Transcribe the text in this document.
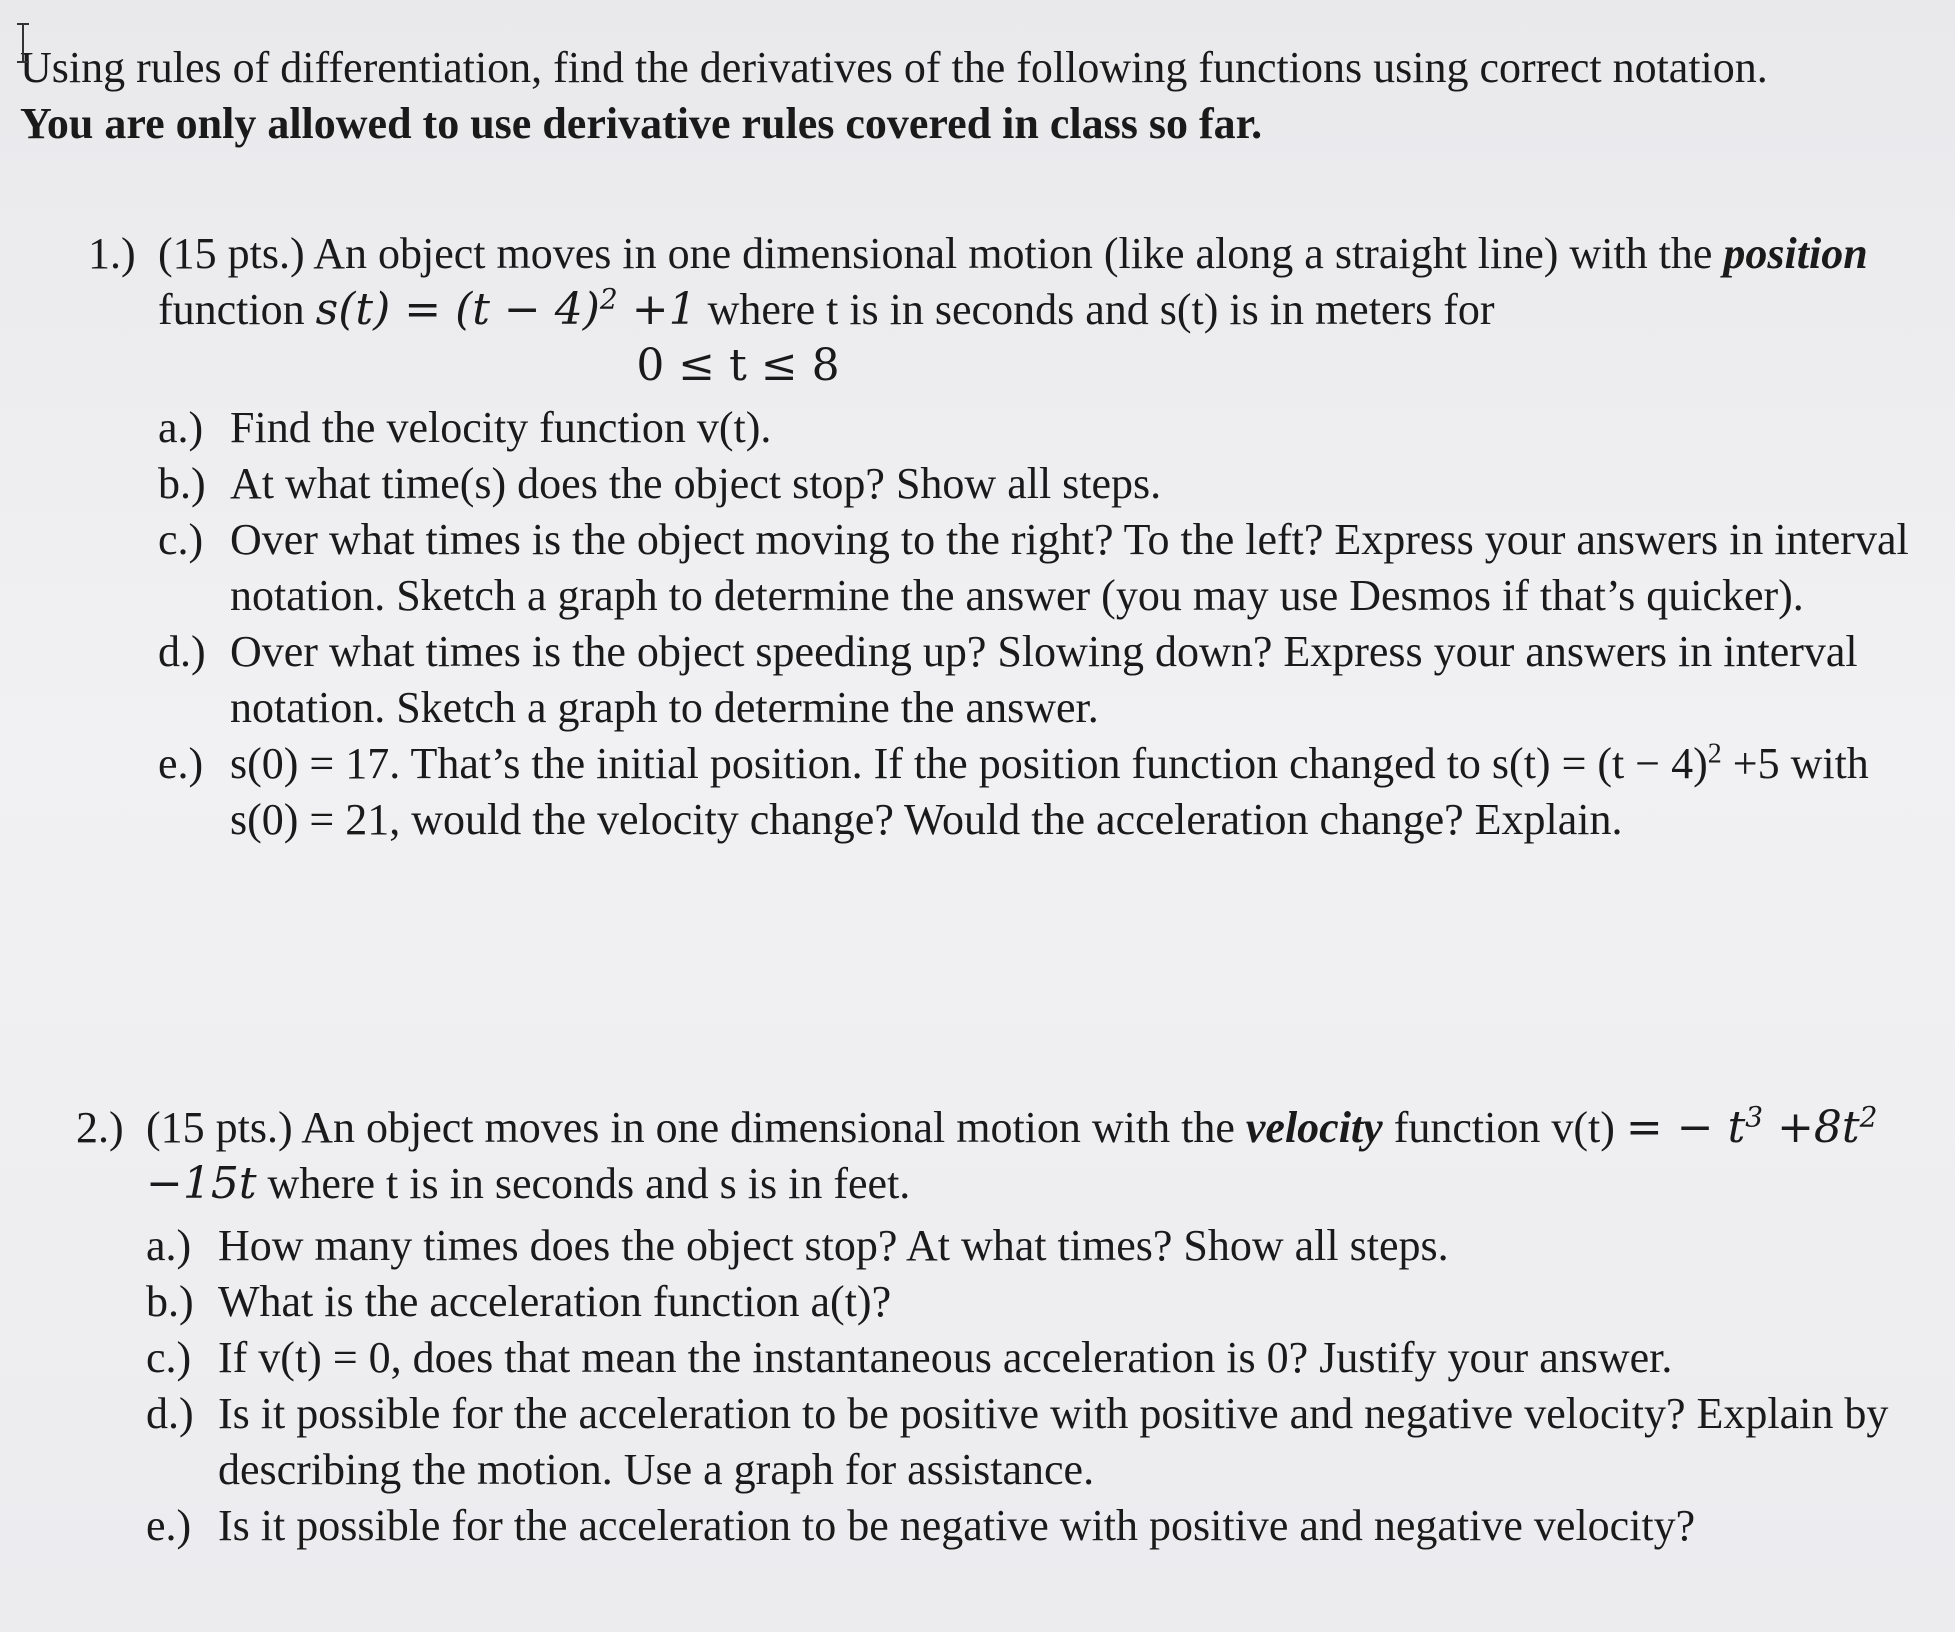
Using rules of differentiation, find the derivatives of the following functions using correct notation. You are only allowed to use derivative rules covered in class so far.

1.) (15 pts.) An object moves in one dimensional motion (like along a straight line) with the position function $s(t) = (t - 4)^2 +1$ where t is in seconds and s(t) is in meters for
0 ≤ t ≤ 8
a.) Find the velocity function v(t).
b.) At what time(s) does the object stop? Show all steps.
c.) Over what times is the object moving to the right? To the left? Express your answers in interval notation. Sketch a graph to determine the answer (you may use Desmos if that’s quicker).
d.) Over what times is the object speeding up? Slowing down? Express your answers in interval notation. Sketch a graph to determine the answer.
e.) s(0) = 17. That’s the initial position. If the position function changed to $s(t) = (t - 4)^2 +5$ with s(0) = 21, would the velocity change? Would the acceleration change? Explain.
2.) (15 pts.) An object moves in one dimensional motion with the velocity function v(t) = − $t^3 +8t^2 -15t$ where t is in seconds and s is in feet.
a.) How many times does the object stop? At what times? Show all steps.
b.) What is the acceleration function a(t)?
c.) If v(t) = 0, does that mean the instantaneous acceleration is 0? Justify your answer.
d.) Is it possible for the acceleration to be positive with positive and negative velocity? Explain by describing the motion. Use a graph for assistance.
e.) Is it possible for the acceleration to be negative with positive and negative velocity?
